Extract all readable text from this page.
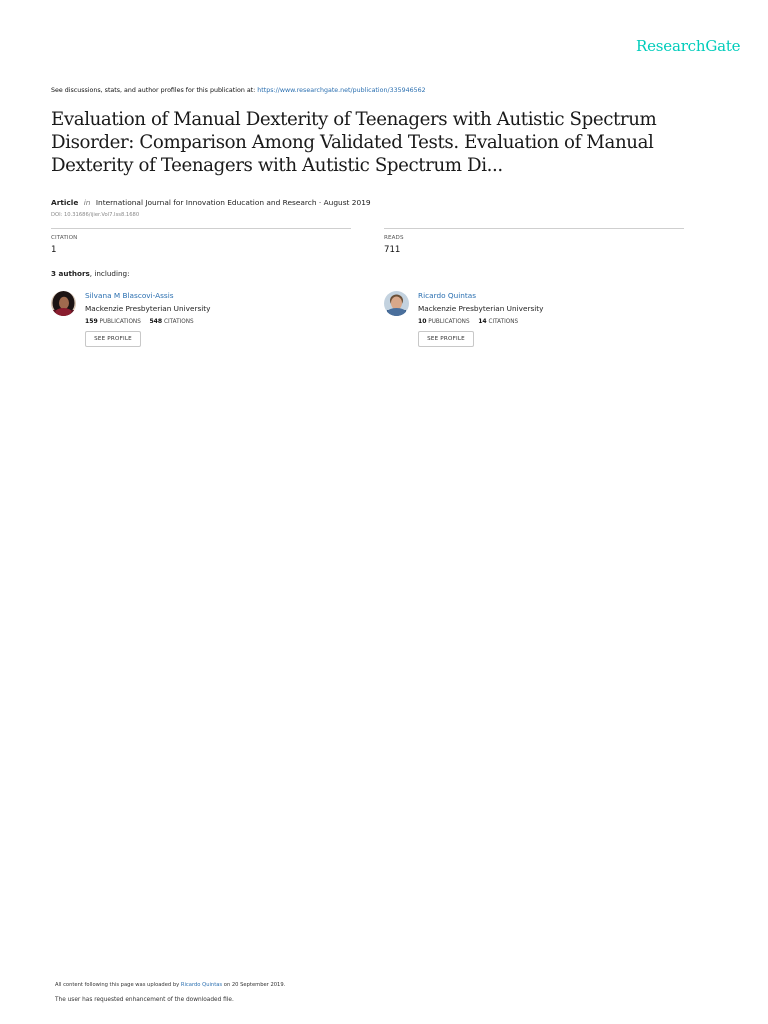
ResearchGate
See discussions, stats, and author profiles for this publication at: https://www.researchgate.net/publication/335946562
Evaluation of Manual Dexterity of Teenagers with Autistic Spectrum Disorder: Comparison Among Validated Tests. Evaluation of Manual Dexterity of Teenagers with Autistic Spectrum Di...
Article in International Journal for Innovation Education and Research · August 2019
DOI: 10.31686/ijier.Vol7.Iss8.1680
CITATION
1
READS
711
3 authors, including:
Silvana M Blascovi-Assis
Mackenzie Presbyterian University
159 PUBLICATIONS 548 CITATIONS
SEE PROFILE
Ricardo Quintas
Mackenzie Presbyterian University
10 PUBLICATIONS 14 CITATIONS
SEE PROFILE
All content following this page was uploaded by Ricardo Quintas on 20 September 2019.
The user has requested enhancement of the downloaded file.
